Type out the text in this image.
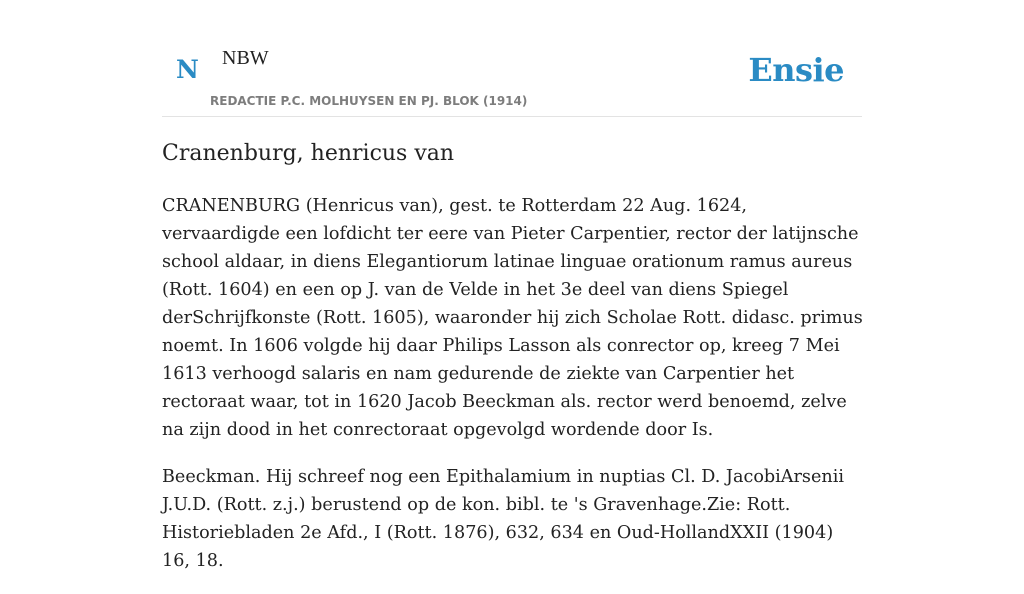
N NBW
REDACTIE P.C. MOLHUYSEN EN PJ. BLOK (1914)
Ensie
Cranenburg, henricus van

CRANENBURG (Henricus van), gest. te Rotterdam 22 Aug. 1624, vervaardigde een lofdicht ter eere van Pieter Carpentier, rector der latijnsche school aldaar, in diens Elegantiorum latinae linguae orationum ramus aureus (Rott. 1604) en een op J. van de Velde in het 3e deel van diens Spiegel derSchrijfkonste (Rott. 1605), waaronder hij zich Scholae Rott. didasc. primus noemt. In 1606 volgde hij daar Philips Lasson als conrector op, kreeg 7 Mei 1613 verhoogd salaris en nam gedurende de ziekte van Carpentier het rectoraat waar, tot in 1620 Jacob Beeckman als. rector werd benoemd, zelve na zijn dood in het conrectoraat opgevolgd wordende door Is.

Beeckman. Hij schreef nog een Epithalamium in nuptias Cl. D. JacobiArsenii J.U.D. (Rott. z.j.) berustend op de kon. bibl. te 's Gravenhage.Zie: Rott. Historiebladen 2e Afd., I (Rott. 1876), 632, 634 en Oud-HollandXXII (1904) 16, 18.
